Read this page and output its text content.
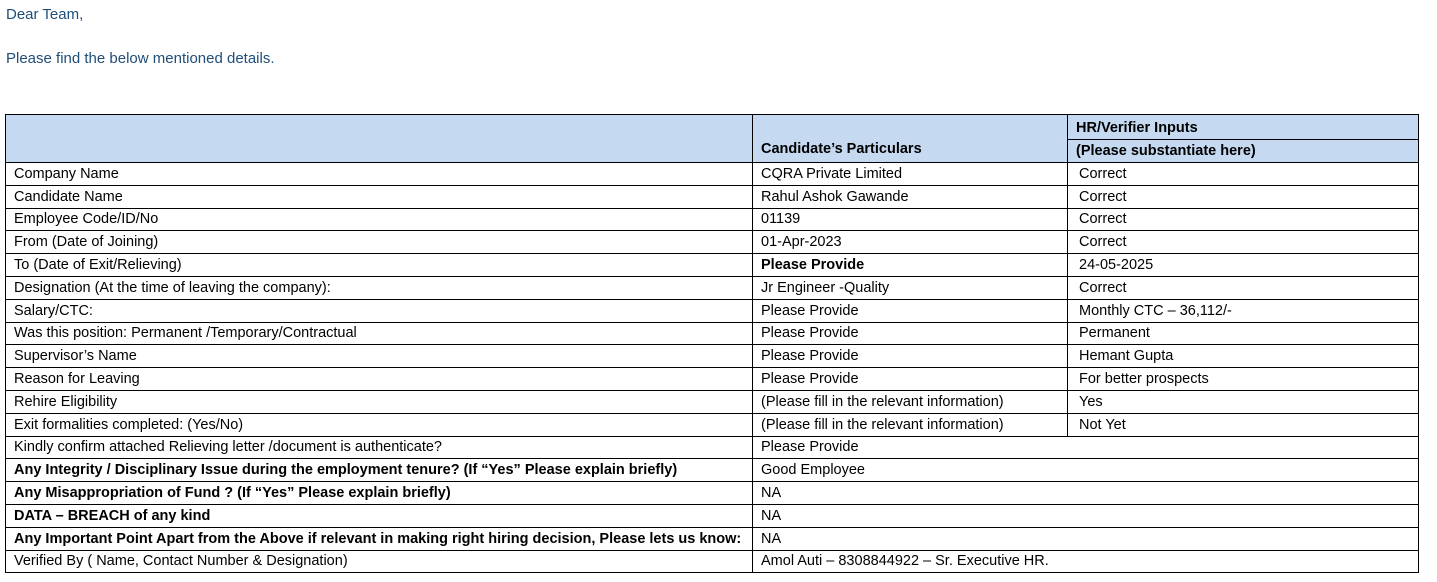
Dear Team,
Please find the below mentioned details.
	Candidate’s Particulars	HR/Verifier Inputs
(Please substantiate here)

Company Name	CQRA Private Limited	Correct
Candidate Name	Rahul Ashok Gawande	Correct
Employee Code/ID/No	01139	Correct
From (Date of Joining)	01-Apr-2023	Correct
To (Date of Exit/Relieving)	Please Provide	24-05-2025
Designation (At the time of leaving the company):	Jr Engineer -Quality	Correct
Salary/CTC:	Please Provide	Monthly CTC – 36,112/-
Was this position: Permanent /Temporary/Contractual	Please Provide	Permanent
Supervisor’s Name	Please Provide	Hemant Gupta
Reason for Leaving	Please Provide	For better prospects
Rehire Eligibility	(Please fill in the relevant information)	Yes
Exit formalities completed: (Yes/No)	(Please fill in the relevant information)	Not Yet
Kindly confirm attached Relieving letter /document is authenticate?	Please Provide	
Any Integrity / Disciplinary Issue during the employment tenure? (If “Yes” Please explain briefly)	Good Employee	
Any Misappropriation of Fund ? (If “Yes” Please explain briefly)	NA	
DATA – BREACH of any kind	NA	
Any Important Point Apart from the Above if relevant in making right hiring decision, Please lets us know:	NA	
Verified By ( Name, Contact Number & Designation)	Amol Auti – 8308844922 – Sr. Executive HR.	
